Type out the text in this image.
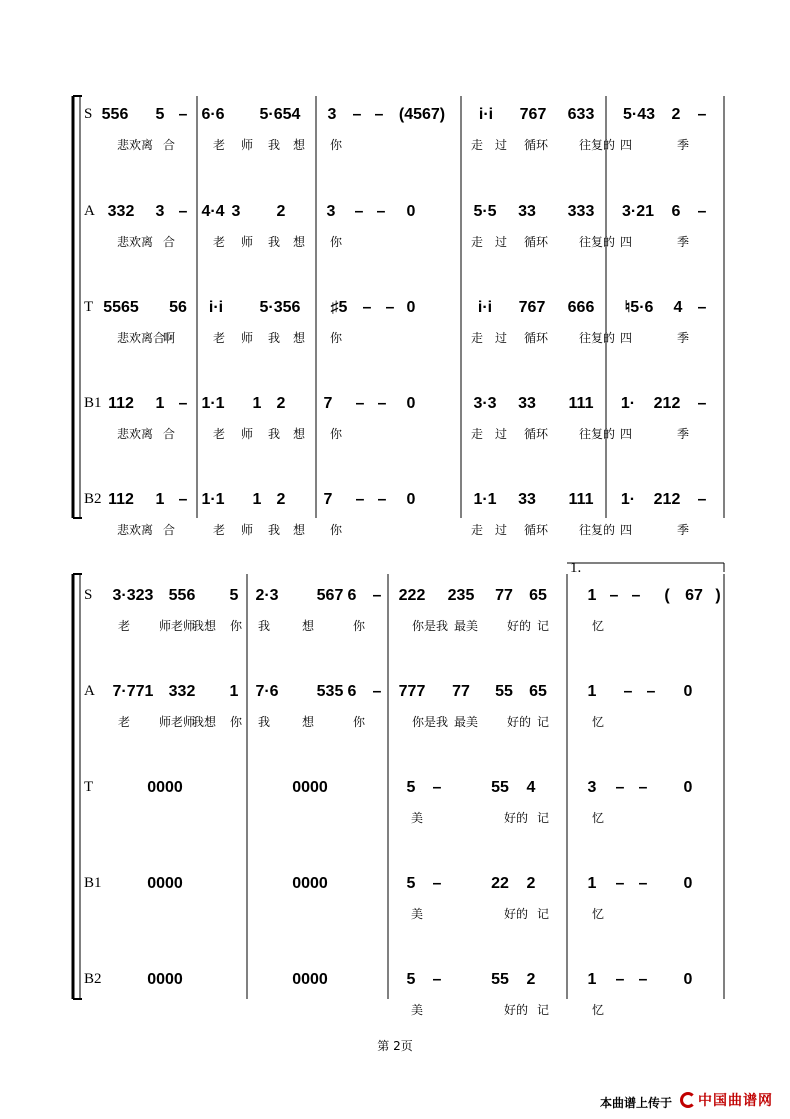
S 556 5 – 6·6 5·654 3 – – (4567) i·i 767 633 5·43 2 –
悲欢离 合	老 师 我 想 你	走 过 循环	往复的 四	季
A 332 3 – 4·4 3 2	3 – – 0	5·5 33 333 3·21 6 –
悲欢离 合	老 师 我 想 你	走 过 循环	往复的 四	季
T 5565 56 i·i 5·356 ♯5 – – 0	i·i 767 666 ♮5·6 4 –
悲欢离合
啊	老 师 我 想 你	走 过 循环	往复的 四	季
B1 112 1 – 1·1 1 2 7 – – 0	3·3 33 111 1· 212 –
悲欢离 合	老 师 我 想 你	走 过 循环	往复的 四	季
B2 112 1 – 1·1 1 2 7 – – 0	1·1 33 111 1· 212 –
悲欢离 合	老 师 我 想 你	走 过 循环	往复的 四	季
1.
S 3·323 556 5 2·3 567 6 – 222 235 77 65	1 – – ( 67 )
老 师老师
我想 你 我	想	你	你是我 最美 好的 记	忆
A 7·771 332 1 7·6 535 6 – 777 77 55 65	1 – – 0
老 师老师
我想 你 我	想	你	你是我 最美 好的 记	忆
T	0000	0000	5 –	55 4	3 – – 0
美	好的 记	忆
B1	0000	0000	5 –	22 2	1 – – 0
美	好的 记	忆
B2	0000	0000	5 –	55 2	1 – – 0
美	好的 记	忆
第 2页
本曲谱上传于	中国曲谱网
